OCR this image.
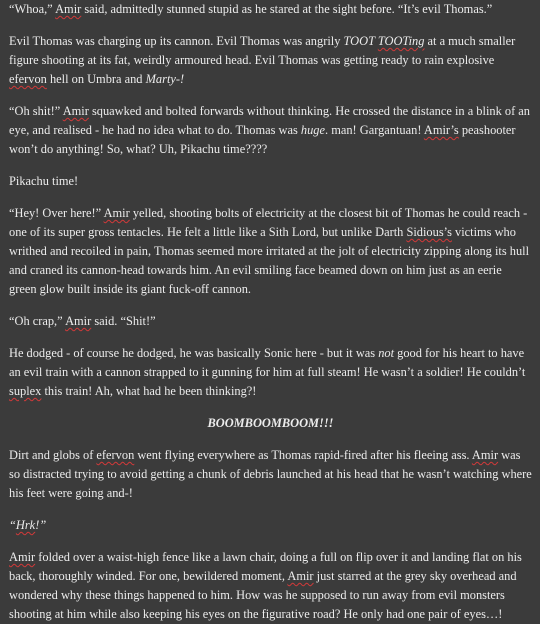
“Whoa,” Amir said, admittedly stunned stupid as he stared at the sight before. “It’s evil Thomas.”

Evil Thomas was charging up its cannon. Evil Thomas was angrily TOOT TOOTing at a much smaller figure shooting at its fat, weirdly armoured head. Evil Thomas was getting ready to rain explosive efervon hell on Umbra and Marty-!

“Oh shit!” Amir squawked and bolted forwards without thinking. He crossed the distance in a blink of an eye, and realised - he had no idea what to do. Thomas was huge. man! Gargantuan! Amir’s peashooter won’t do anything! So, what? Uh, Pikachu time????

Pikachu time!

“Hey! Over here!” Amir yelled, shooting bolts of electricity at the closest bit of Thomas he could reach - one of its super gross tentacles. He felt a little like a Sith Lord, but unlike Darth Sidious’s victims who writhed and recoiled in pain, Thomas seemed more irritated at the jolt of electricity zipping along its hull and craned its cannon-head towards him. An evil smiling face beamed down on him just as an eerie green glow built inside its giant fuck-off cannon.

“Oh crap,” Amir said. “Shit!”

He dodged - of course he dodged, he was basically Sonic here - but it was not good for his heart to have an evil train with a cannon strapped to it gunning for him at full steam! He wasn’t a soldier! He couldn’t suplex this train! Ah, what had he been thinking?!

BOOMBOOMBOOM!!!

Dirt and globs of efervon went flying everywhere as Thomas rapid-fired after his fleeing ass. Amir was so distracted trying to avoid getting a chunk of debris launched at his head that he wasn’t watching where his feet were going and-!

“Hrk!”

Amir folded over a waist-high fence like a lawn chair, doing a full on flip over it and landing flat on his back, thoroughly winded. For one, bewildered moment, Amir just starred at the grey sky overhead and wondered why these things happened to him. How was he supposed to run away from evil monsters shooting at him while also keeping his eyes on the figurative road? He only had one pair of eyes…!
